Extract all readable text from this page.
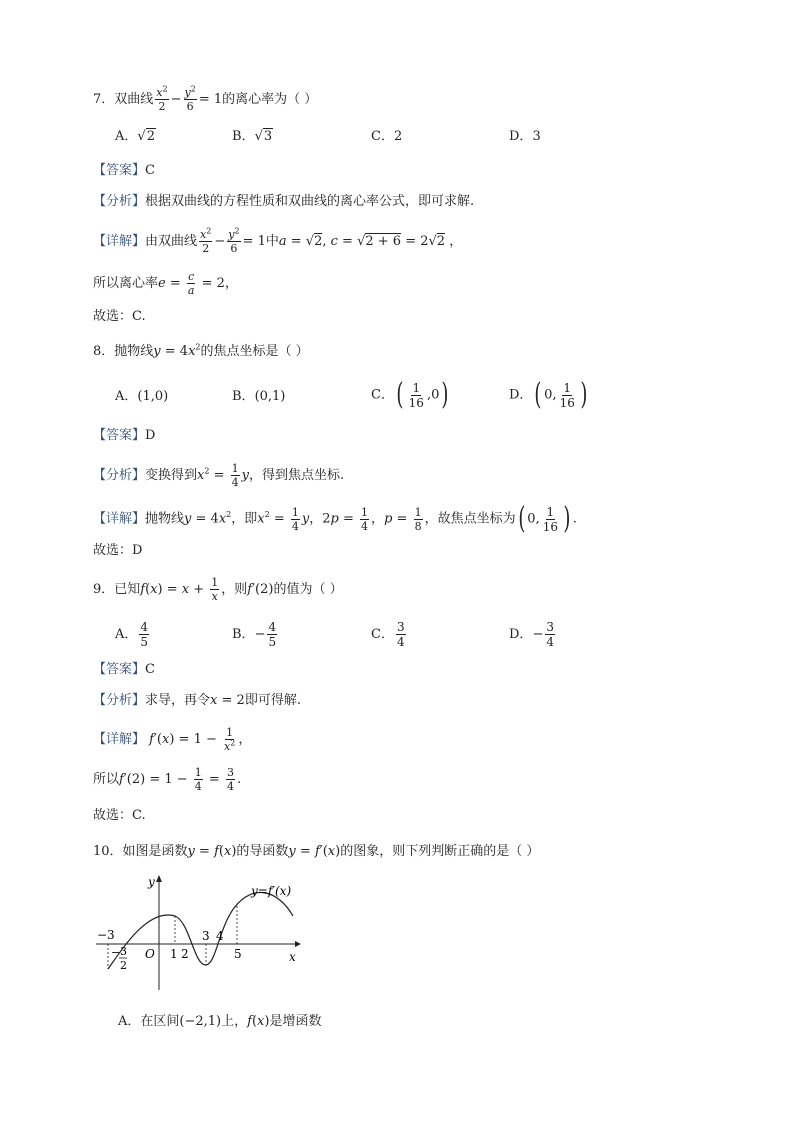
7．双曲线 $\frac{x^2}{2} - \frac{y^2}{6} = 1$的离心率为（ ）
A．√2	B．√3	C．2	D．3
【答案】C
【分析】根据双曲线的方程性质和双曲线的离心率公式，即可求解.
【详解】由双曲线 $\frac{x^2}{2} - \frac{y^2}{6} = 1$中a = √2, c = √2 + 6 = 2√2 ，
所以离心率$e = \frac{c}{a} = 2$，
故选：C.
8．抛物线$y = 4x^2$的焦点坐标是（ ）
A．(1,0)	B．(0,1)	C．( $\frac{1}{16} ,0$)	D．( 0, $\frac{1}{16}$ )
【答案】D
【分析】变换得到$x^2 = \frac{1}{4}$ y，得到焦点坐标.
【详解】抛物线$y = 4x^2$，即$x^2 = \frac{1}{4}$ y，$2p = \frac{1}{4}$ ，$p = \frac{1}{8}$ ，故焦点坐标为( 0, $\frac{1}{16}$ ) .
故选：D
9．已知$f(x) = x + \frac{1}{x}$ ，则f′(2)的值为（ ）
A． $\frac{4}{5}$	B．− $\frac{4}{5}$	C． $\frac{3}{4}$	D．− $\frac{3}{4}$
【答案】C
【分析】求导，再令x = 2即可得解.
【详解】 $f'(x) = 1 - \frac{1}{x^2}$ ，
所以$f'(2) = 1 - \frac{1}{4} = \frac{3}{4}$ .
故选：C.
10．如图是函数y = f(x)的导函数y = f′(x)的图象，则下列判断正确的是（ ）
y
x
y=f′(x)
O
−3
− 3
2
1 2
3 4
5
A．在区间(−2,1)上，f(x)是增函数
